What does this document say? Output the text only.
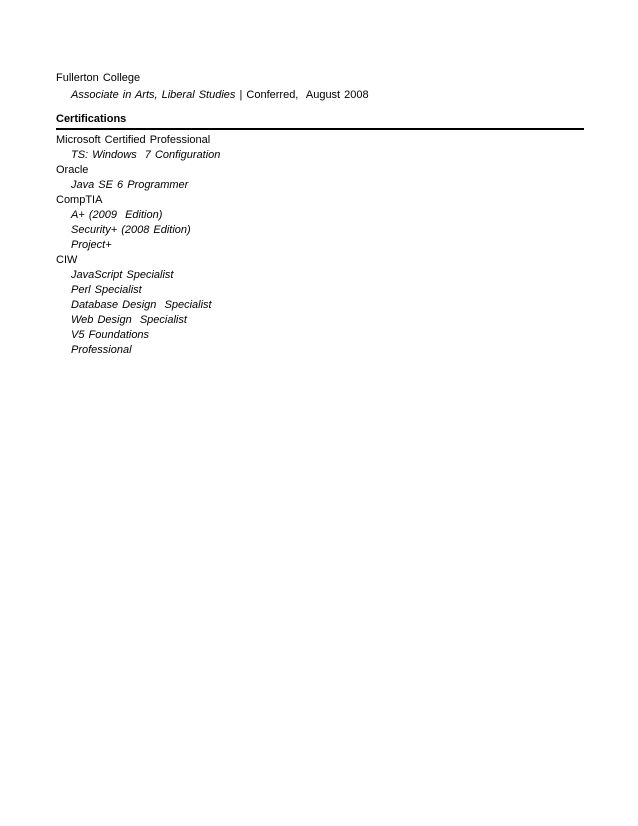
Fullerton College
Associate in Arts, Liberal Studies | Conferred,  August 2008
Certifications
Microsoft Certified Professional
TS: Windows  7 Configuration
Oracle
Java SE 6 Programmer
CompTIA
A+ (2009  Edition)
Security+ (2008 Edition)
Project+
CIW
JavaScript Specialist
Perl Specialist
Database Design  Specialist
Web Design  Specialist
V5 Foundations
Professional
